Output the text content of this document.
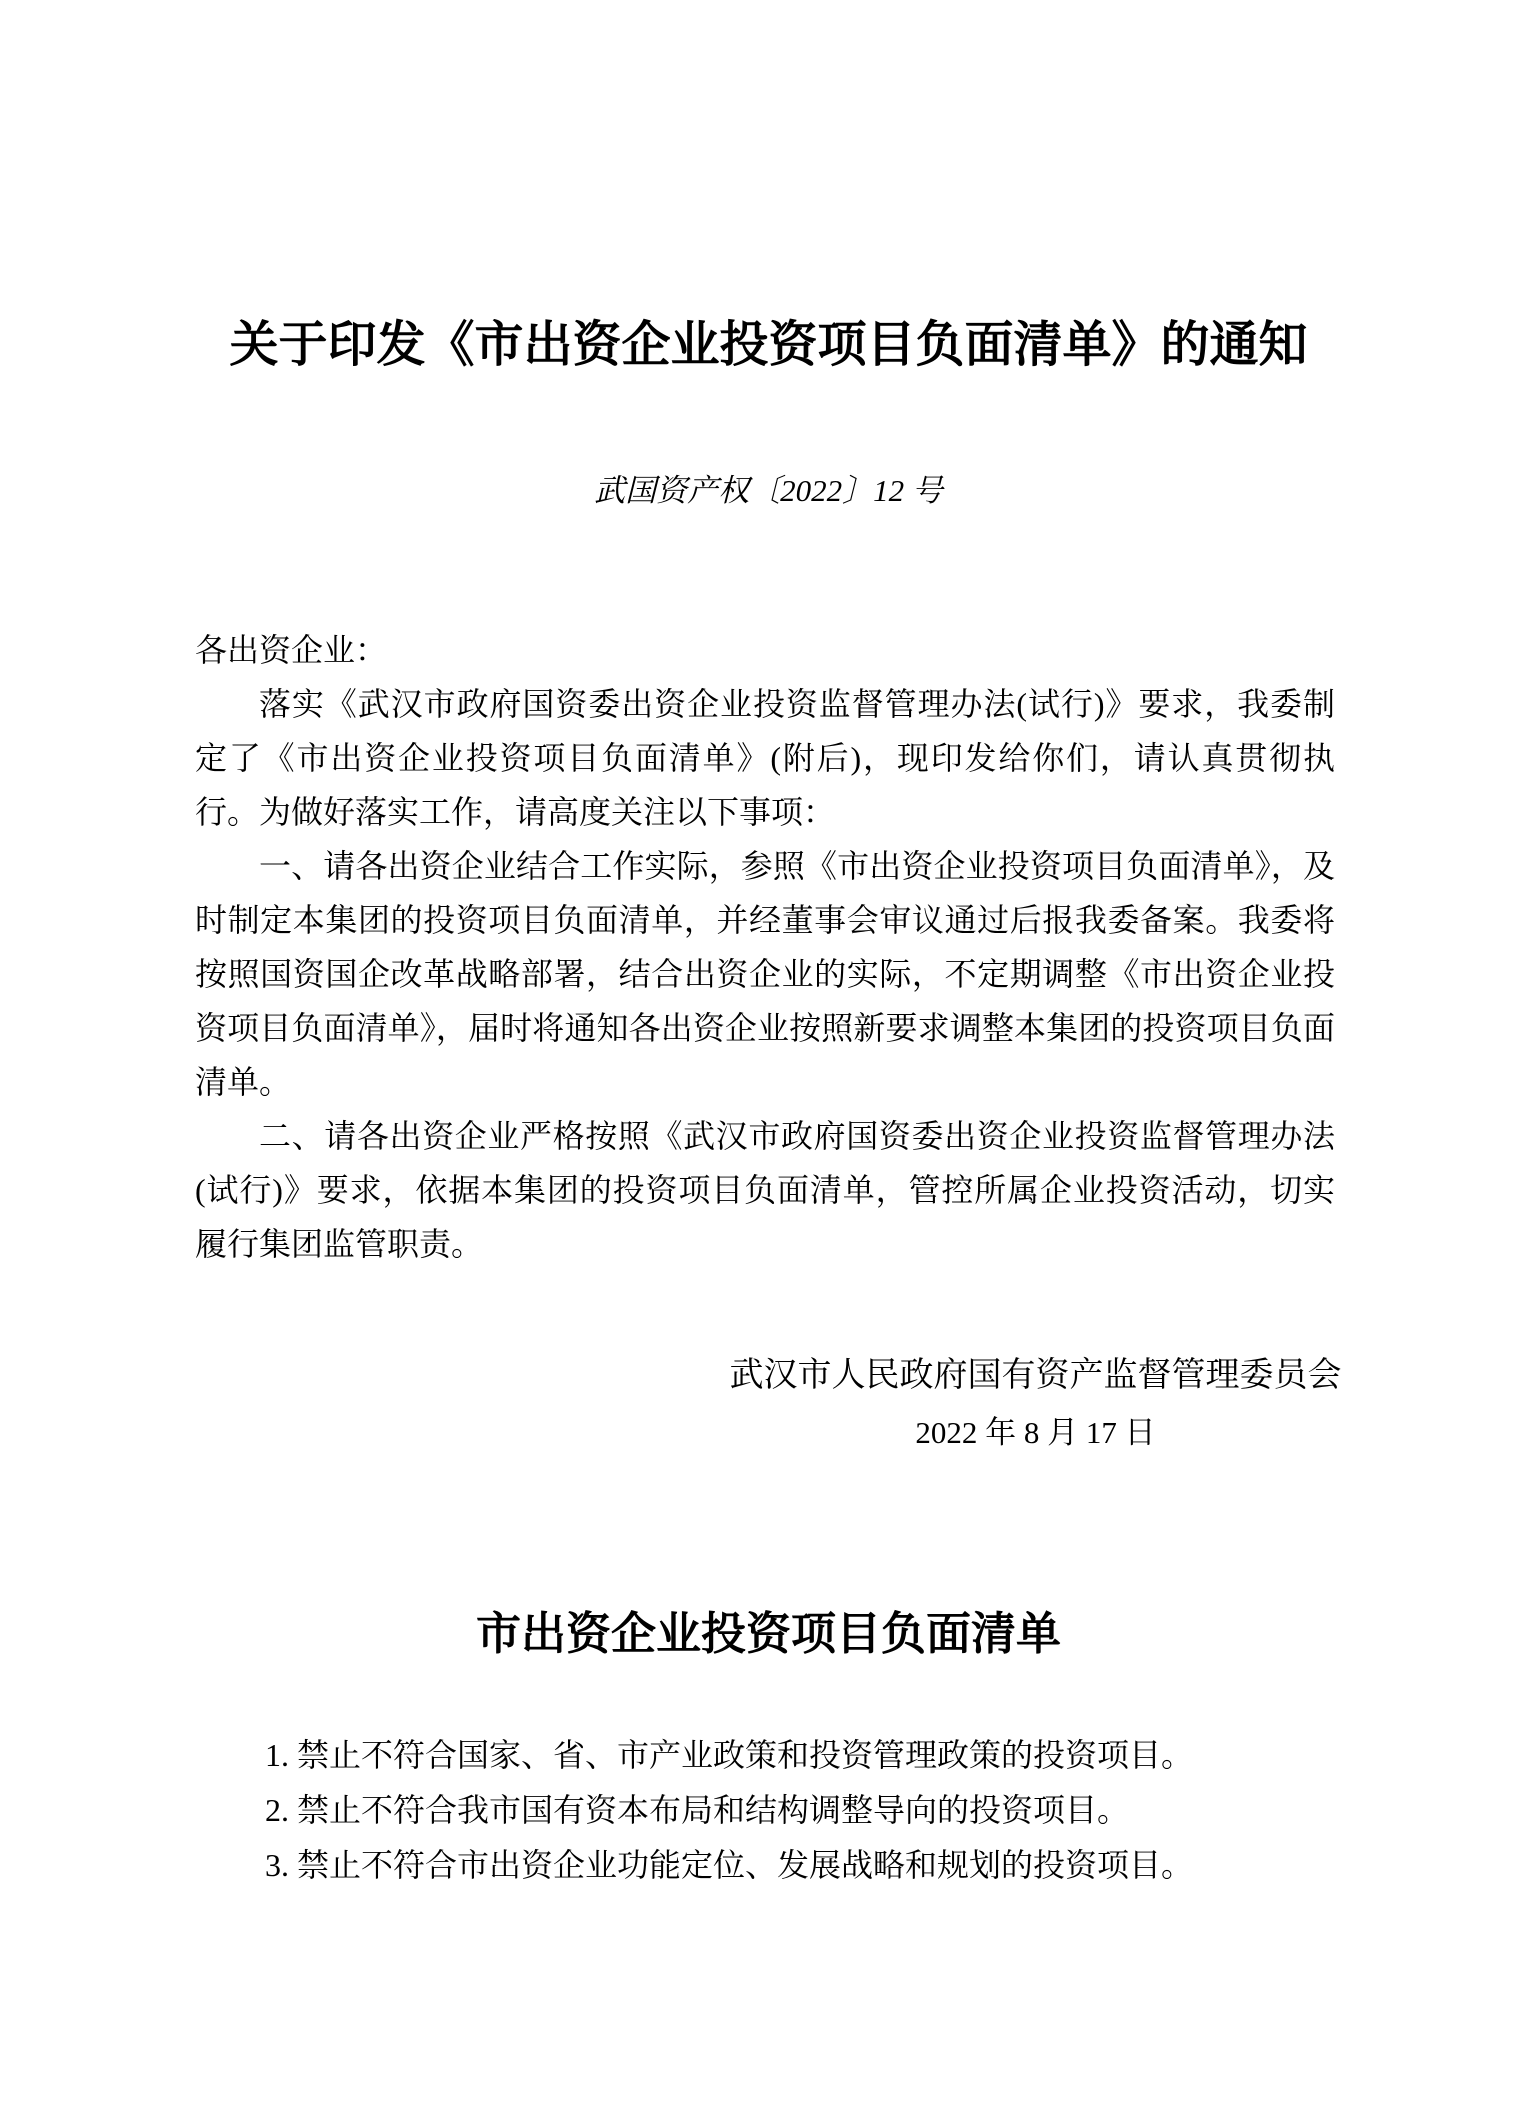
关于印发《市出资企业投资项目负面清单》的通知
武国资产权〔2022〕12 号

各出资企业：

落实《武汉市政府国资委出资企业投资监督管理办法(试行)》要求，我委制定了《市出资企业投资项目负面清单》(附后)，现印发给你们，请认真贯彻执行。为做好落实工作，请高度关注以下事项：

一、请各出资企业结合工作实际，参照《市出资企业投资项目负面清单》，及时制定本集团的投资项目负面清单，并经董事会审议通过后报我委备案。我委将按照国资国企改革战略部署，结合出资企业的实际，不定期调整《市出资企业投资项目负面清单》，届时将通知各出资企业按照新要求调整本集团的投资项目负面清单。

二、请各出资企业严格按照《武汉市政府国资委出资企业投资监督管理办法(试行)》要求，依据本集团的投资项目负面清单，管控所属企业投资活动，切实履行集团监管职责。

武汉市人民政府国有资产监督管理委员会
2022 年 8 月 17 日
市出资企业投资项目负面清单

1. 禁止不符合国家、省、市产业政策和投资管理政策的投资项目。

2. 禁止不符合我市国有资本布局和结构调整导向的投资项目。

3. 禁止不符合市出资企业功能定位、发展战略和规划的投资项目。
